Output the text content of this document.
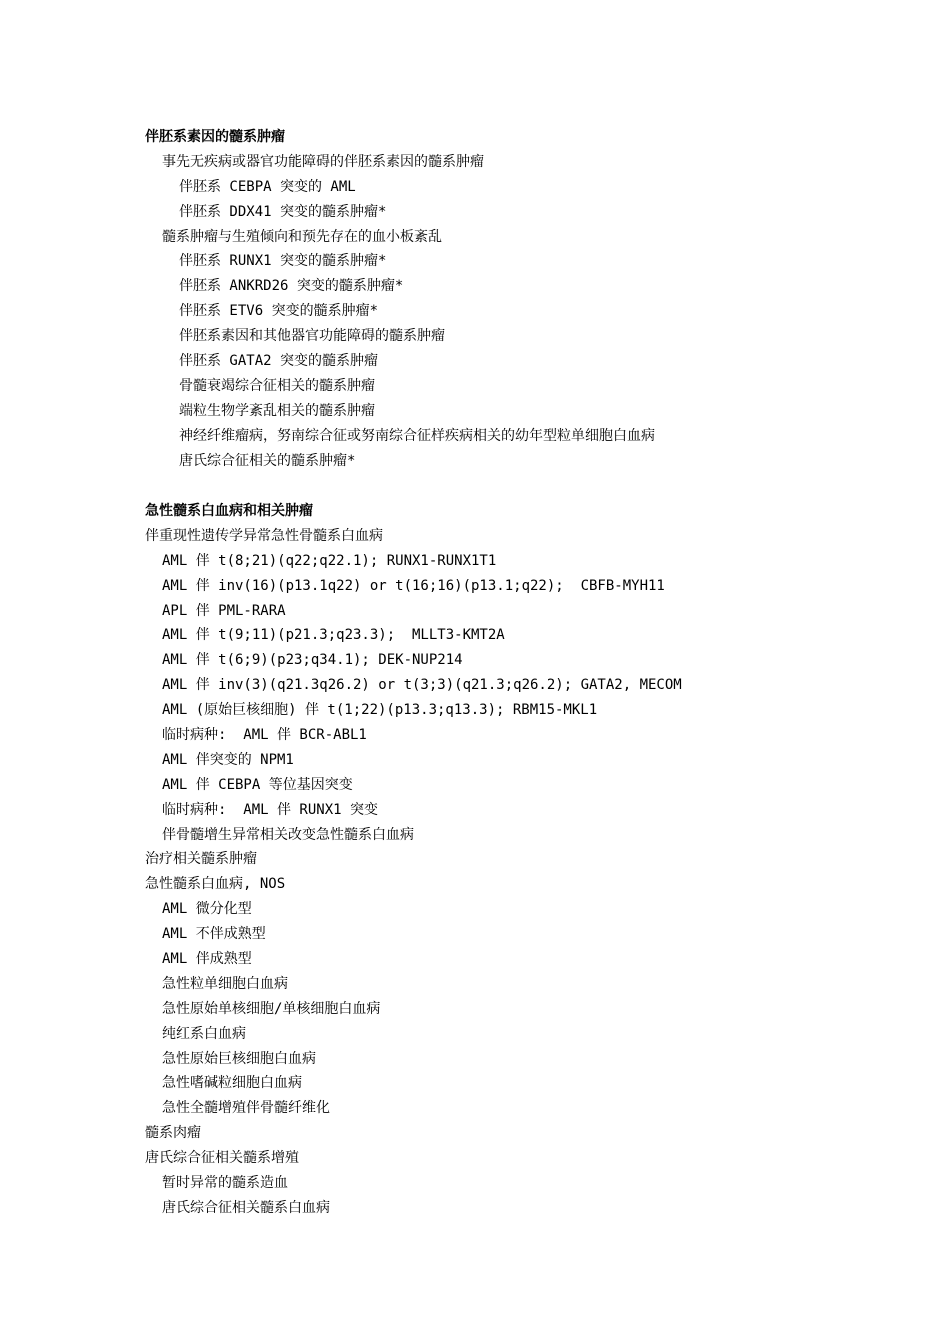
伴胚系素因的髓系肿瘤
事先无疾病或器官功能障碍的伴胚系素因的髓系肿瘤
伴胚系 CEBPA 突变的 AML
伴胚系 DDX41 突变的髓系肿瘤*
髓系肿瘤与生殖倾向和预先存在的血小板紊乱
伴胚系 RUNX1 突变的髓系肿瘤*
伴胚系 ANKRD26 突变的髓系肿瘤*
伴胚系 ETV6 突变的髓系肿瘤*
伴胚系素因和其他器官功能障碍的髓系肿瘤
伴胚系 GATA2 突变的髓系肿瘤
骨髓衰竭综合征相关的髓系肿瘤
端粒生物学紊乱相关的髓系肿瘤
神经纤维瘤病，努南综合征或努南综合征样疾病相关的幼年型粒单细胞白血病
唐氏综合征相关的髓系肿瘤*
急性髓系白血病和相关肿瘤
伴重现性遗传学异常急性骨髓系白血病
AML 伴 t(8;21)(q22;q22.1); RUNX1-RUNX1T1
AML 伴 inv(16)(p13.1q22) or t(16;16)(p13.1;q22);  CBFB-MYH11
APL 伴 PML-RARA
AML 伴 t(9;11)(p21.3;q23.3);  MLLT3-KMT2A
AML 伴 t(6;9)(p23;q34.1); DEK-NUP214
AML 伴 inv(3)(q21.3q26.2) or t(3;3)(q21.3;q26.2); GATA2, MECOM
AML (原始巨核细胞) 伴 t(1;22)(p13.3;q13.3); RBM15-MKL1
临时病种:  AML 伴 BCR-ABL1
AML 伴突变的 NPM1
AML 伴 CEBPA 等位基因突变
临时病种:  AML 伴 RUNX1 突变
伴骨髓增生异常相关改变急性髓系白血病
治疗相关髓系肿瘤
急性髓系白血病, NOS
AML 微分化型
AML 不伴成熟型
AML 伴成熟型
急性粒单细胞白血病
急性原始单核细胞/单核细胞白血病
纯红系白血病
急性原始巨核细胞白血病
急性嗜碱粒细胞白血病
急性全髓增殖伴骨髓纤维化
髓系肉瘤
唐氏综合征相关髓系增殖
暂时异常的髓系造血
唐氏综合征相关髓系白血病
